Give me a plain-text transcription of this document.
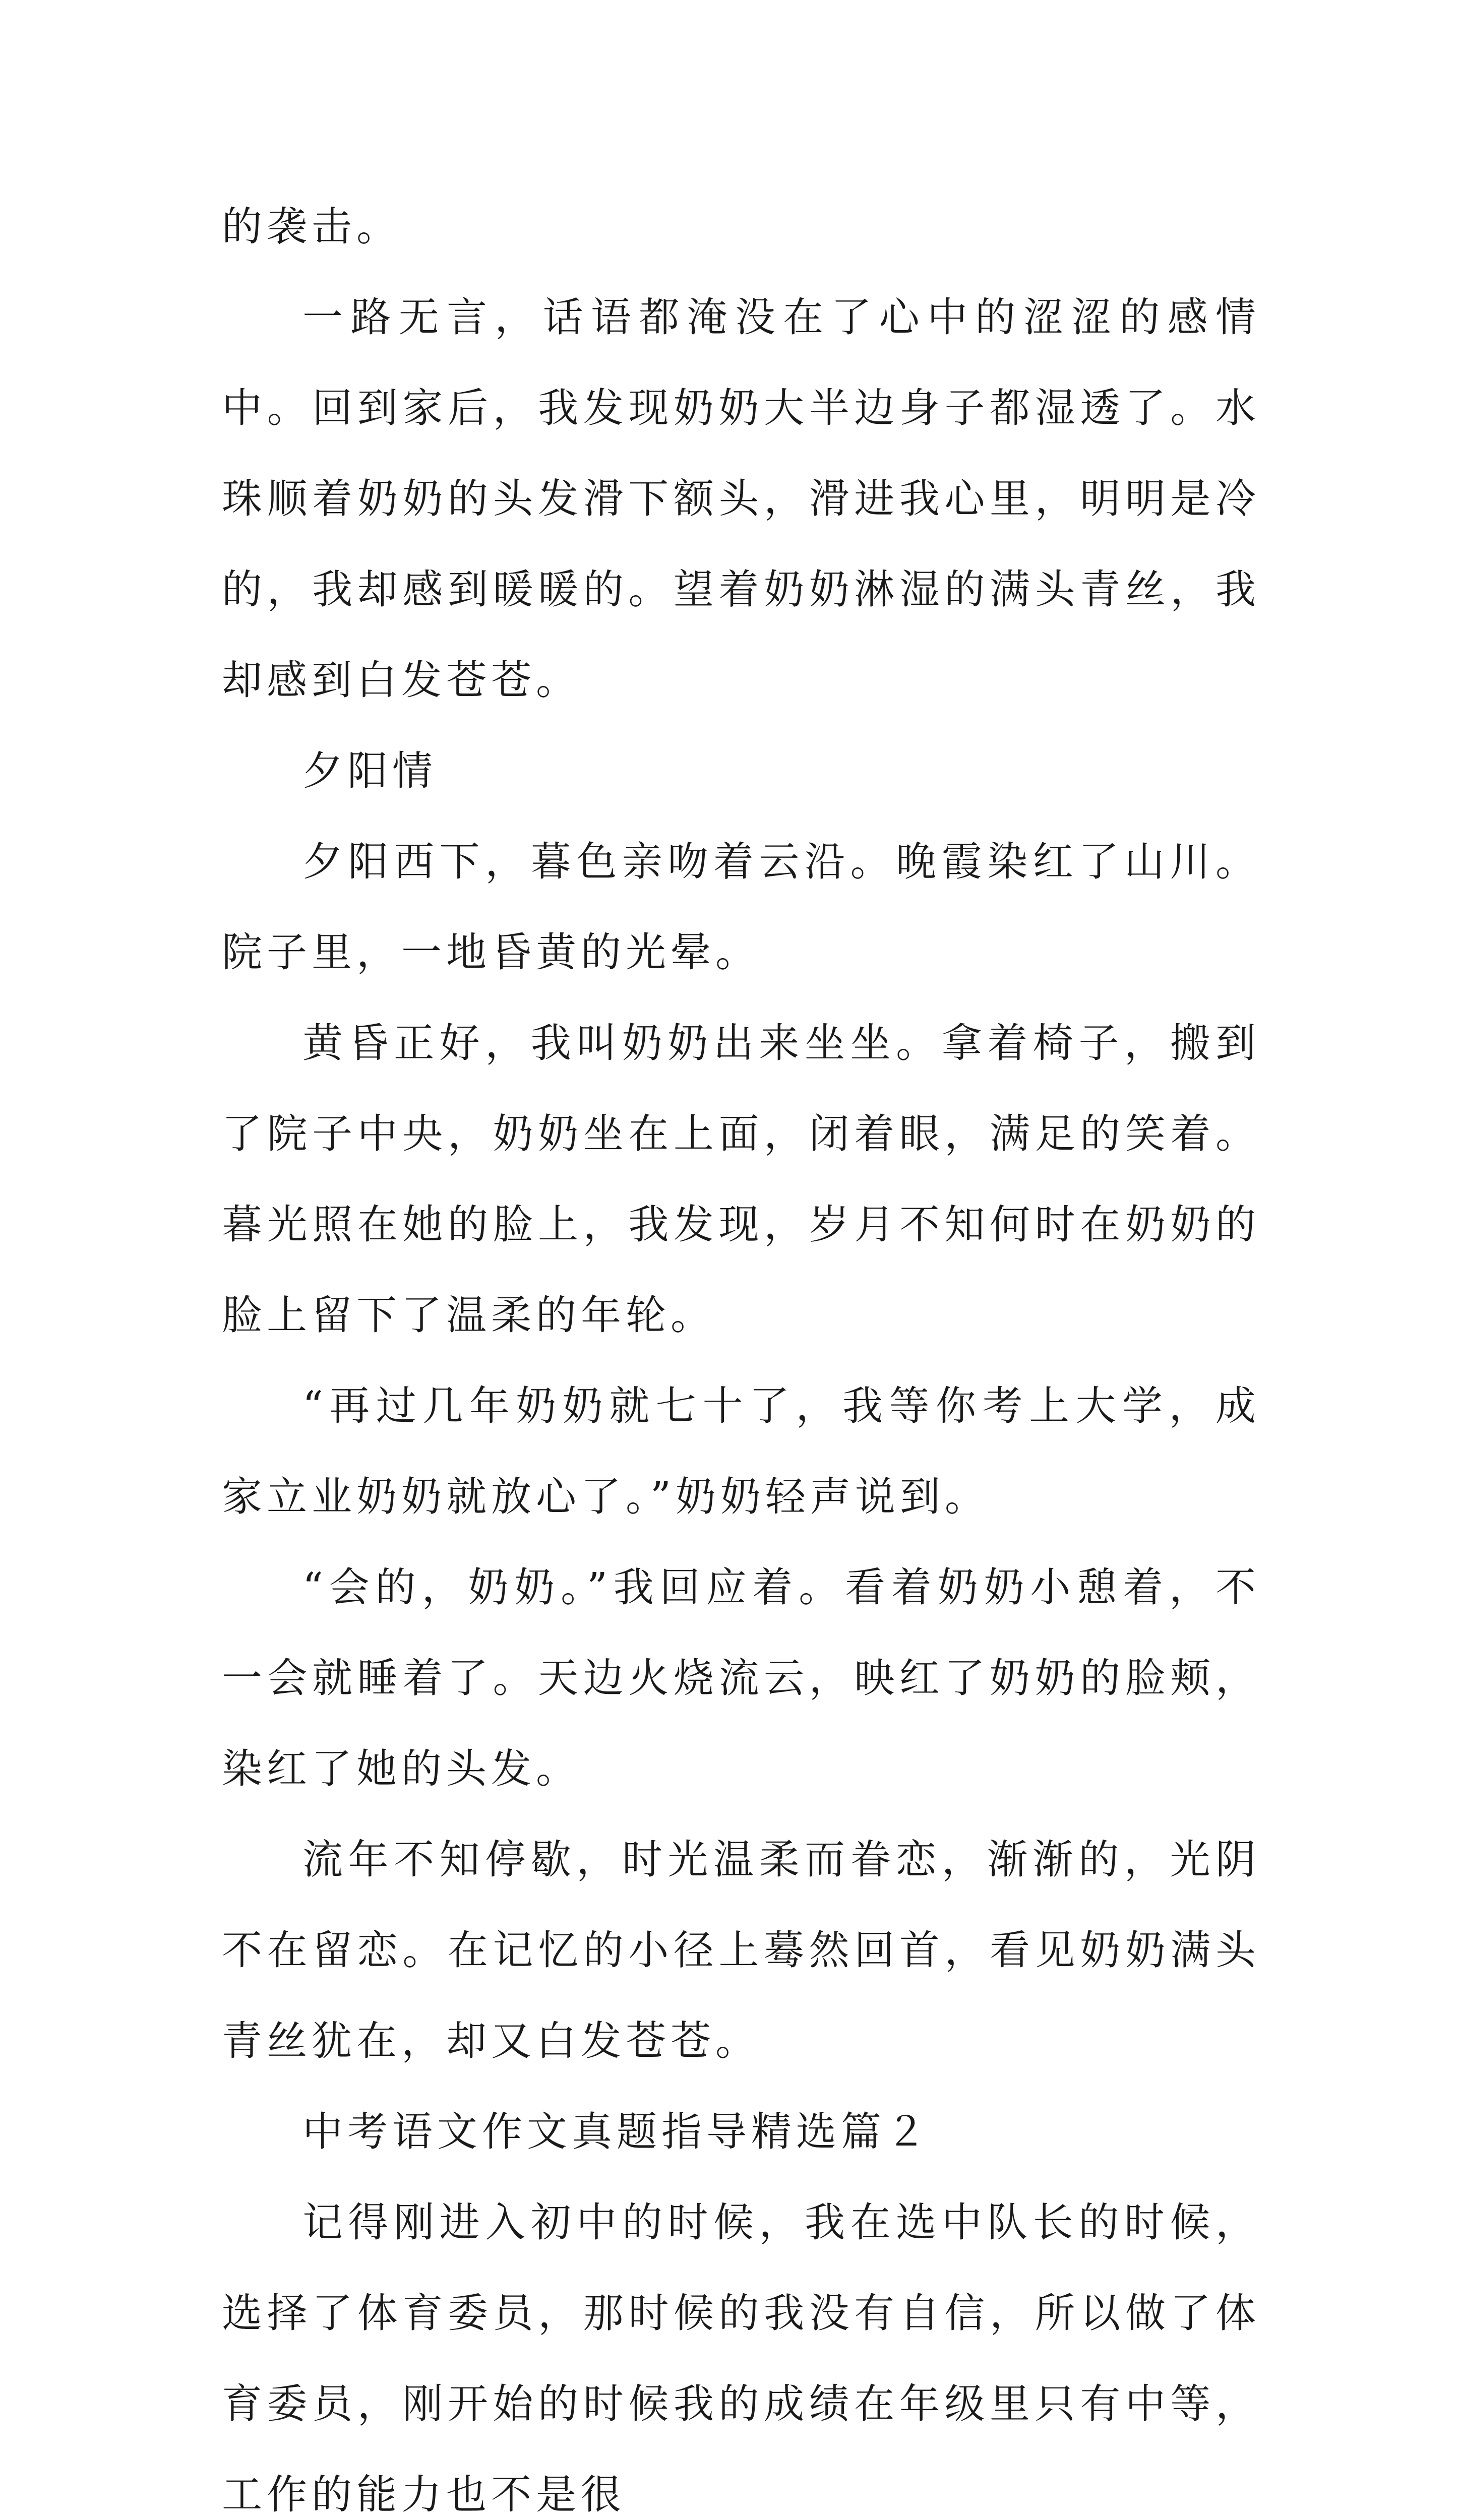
的袭击。

一路无言，话语都淹没在了心中的涩涩的感情中。回到家后，我发现奶奶大半边身子都湿透了。水珠顺着奶奶的头发滑下额头，滑进我心里，明明是冷的，我却感到暖暖的。望着奶奶淋湿的满头青丝，我却感到白发苍苍。

夕阳情

夕阳西下，暮色亲吻着云沿。晚霞染红了山川。院子里，一地昏黄的光晕。

黄昏正好，我叫奶奶出来坐坐。拿着椅子，搬到了院子中央，奶奶坐在上面，闭着眼，满足的笑着。暮光照在她的脸上，我发现，岁月不知何时在奶奶的脸上留下了温柔的年轮。

“再过几年奶奶就七十了，我等你考上大学，成家立业奶奶就放心了。”奶奶轻声说到。

“会的，奶奶。”我回应着。看着奶奶小憩着，不一会就睡着了。天边火烧流云，映红了奶奶的脸颊，染红了她的头发。

流年不知停歇，时光温柔而眷恋，渐渐的，光阴不在留恋。在记忆的小径上蓦然回首，看见奶奶满头青丝犹在，却又白发苍苍。

中考语文作文真题指导精选篇２

记得刚进入初中的时候，我在选中队长的时候，选择了体育委员，那时候的我没有自信，所以做了体育委员，刚开始的时候我的成绩在年级里只有中等，工作的能力也不是很
